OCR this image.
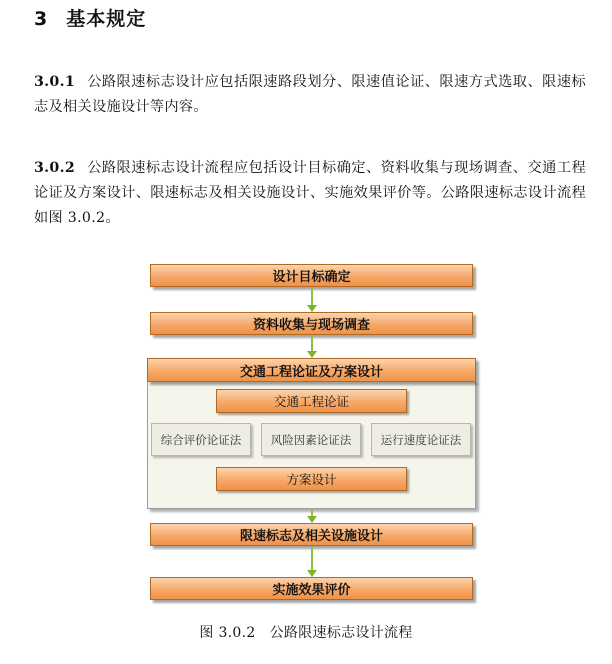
3 基本规定
3.0.1 公路限速标志设计应包括限速路段划分、限速值论证、限速方式选取、限速标志及相关设施设计等内容。
3.0.2 公路限速标志设计流程应包括设计目标确定、资料收集与现场调查、交通工程论证及方案设计、限速标志及相关设施设计、实施效果评价等。公路限速标志设计流程如图 3.0.2。
设计目标确定
资料收集与现场调查
交通工程论证及方案设计
交通工程论证
综合评价论证法	风险因素论证法	运行速度论证法
方案设计
限速标志及相关设施设计
实施效果评价
图 3.0.2 公路限速标志设计流程
